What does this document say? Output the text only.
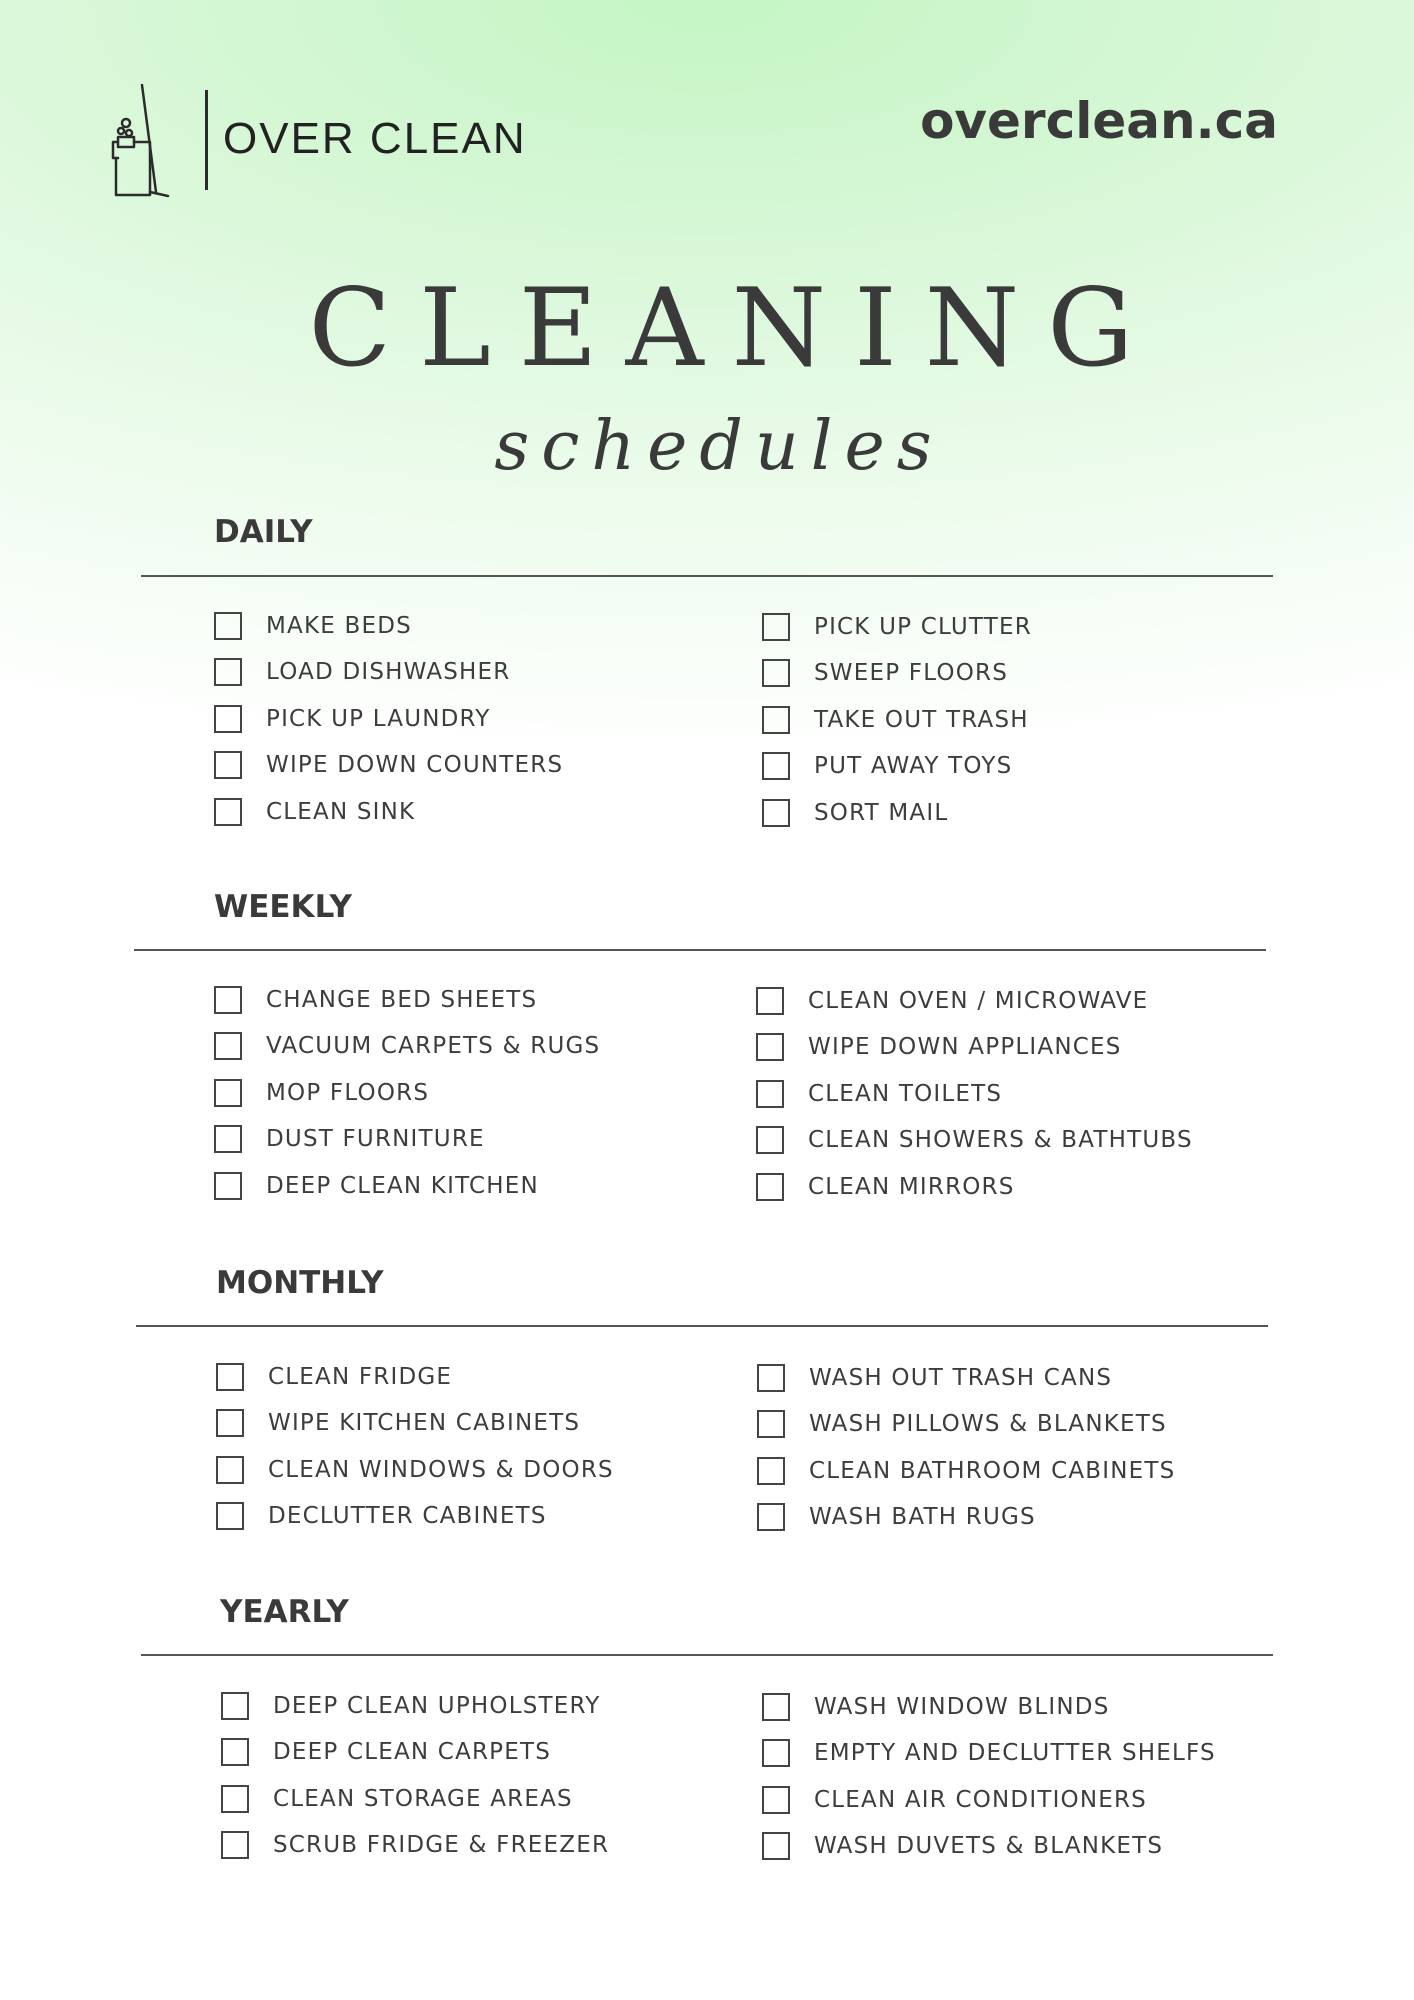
OVER CLEAN	overclean.ca
CLEANING
schedules
DAILY
MAKE BEDS
LOAD DISHWASHER
PICK UP LAUNDRY
WIPE DOWN COUNTERS
CLEAN SINK
PICK UP CLUTTER
SWEEP FLOORS
TAKE OUT TRASH
PUT AWAY TOYS
SORT MAIL
WEEKLY
CHANGE BED SHEETS
VACUUM CARPETS & RUGS
MOP FLOORS
DUST FURNITURE
DEEP CLEAN KITCHEN
CLEAN OVEN / MICROWAVE
WIPE DOWN APPLIANCES
CLEAN TOILETS
CLEAN SHOWERS & BATHTUBS
CLEAN MIRRORS
MONTHLY
CLEAN FRIDGE
WIPE KITCHEN CABINETS
CLEAN WINDOWS & DOORS
DECLUTTER CABINETS
WASH OUT TRASH CANS
WASH PILLOWS & BLANKETS
CLEAN BATHROOM CABINETS
WASH BATH RUGS
YEARLY
DEEP CLEAN UPHOLSTERY
DEEP CLEAN CARPETS
CLEAN STORAGE AREAS
SCRUB FRIDGE & FREEZER
WASH WINDOW BLINDS
EMPTY AND DECLUTTER SHELFS
CLEAN AIR CONDITIONERS
WASH DUVETS & BLANKETS
